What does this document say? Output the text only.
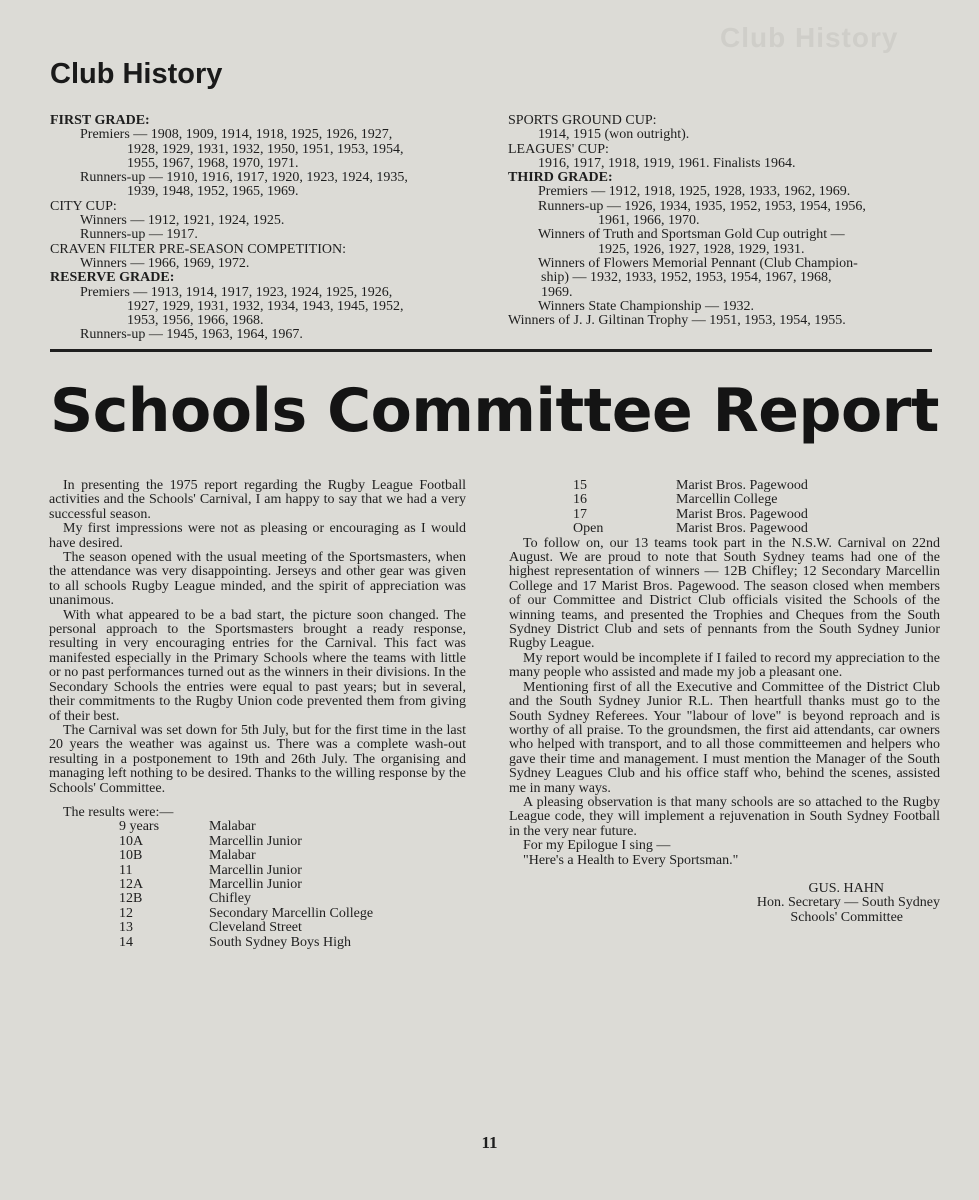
Club History
Club History
FIRST GRADE:
Premiers — 1908, 1909, 1914, 1918, 1925, 1926, 1927,
1928, 1929, 1931, 1932, 1950, 1951, 1953, 1954,
1955, 1967, 1968, 1970, 1971.
Runners-up — 1910, 1916, 1917, 1920, 1923, 1924, 1935,
1939, 1948, 1952, 1965, 1969.
CITY CUP:
Winners — 1912, 1921, 1924, 1925.
Runners-up — 1917.
CRAVEN FILTER PRE-SEASON COMPETITION:
Winners — 1966, 1969, 1972.
RESERVE GRADE:
Premiers — 1913, 1914, 1917, 1923, 1924, 1925, 1926,
1927, 1929, 1931, 1932, 1934, 1943, 1945, 1952,
1953, 1956, 1966, 1968.
Runners-up — 1945, 1963, 1964, 1967.
SPORTS GROUND CUP:
1914, 1915 (won outright).
LEAGUES' CUP:
1916, 1917, 1918, 1919, 1961. Finalists 1964.
THIRD GRADE:
Premiers — 1912, 1918, 1925, 1928, 1933, 1962, 1969.
Runners-up — 1926, 1934, 1935, 1952, 1953, 1954, 1956,
1961, 1966, 1970.
Winners of Truth and Sportsman Gold Cup outright —
1925, 1926, 1927, 1928, 1929, 1931.
Winners of Flowers Memorial Pennant (Club Champion-
ship) — 1932, 1933, 1952, 1953, 1954, 1967, 1968,
1969.
Winners State Championship — 1932.
Winners of J. J. Giltinan Trophy — 1951, 1953, 1954, 1955.
Schools Committee Report

In presenting the 1975 report regarding the Rugby League Football activities and the Schools' Carnival, I am happy to say that we had a very successful season.

My first impressions were not as pleasing or encouraging as I would have desired.

The season opened with the usual meeting of the Sportsmasters, when the attendance was very disappointing. Jerseys and other gear was given to all schools Rugby League minded, and the spirit of appreciation was unanimous.

With what appeared to be a bad start, the picture soon changed. The personal approach to the Sportsmasters brought a ready response, resulting in very encouraging entries for the Carnival. This fact was manifested especially in the Primary Schools where the teams with little or no past performances turned out as the winners in their divisions. In the Secondary Schools the entries were equal to past years; but in several, their commitments to the Rugby Union code prevented them from giving of their best.

The Carnival was set down for 5th July, but for the first time in the last 20 years the weather was against us. There was a complete wash-out resulting in a postponement to 19th and 26th July. The organising and managing left nothing to be desired. Thanks to the willing response by the Schools' Committee.

The results were:—

9 years	Malabar
10A	Marcellin Junior
10B	Malabar
11	Marcellin Junior
12A	Marcellin Junior
12B	Chifley
12	Secondary Marcellin College
13	Cleveland Street
14	South Sydney Boys High
15	Marist Bros. Pagewood
16	Marcellin College
17	Marist Bros. Pagewood
Open	Marist Bros. Pagewood

To follow on, our 13 teams took part in the N.S.W. Carnival on 22nd August. We are proud to note that South Sydney teams had one of the highest representation of winners — 12B Chifley; 12 Secondary Marcellin College and 17 Marist Bros. Pagewood. The season closed when members of our Committee and District Club officials visited the Schools of the winning teams, and presented the Trophies and Cheques from the South Sydney District Club and sets of pennants from the South Sydney Junior Rugby League.

My report would be incomplete if I failed to record my appreciation to the many people who assisted and made my job a pleasant one.

Mentioning first of all the Executive and Committee of the District Club and the South Sydney Junior R.L. Then heartfull thanks must go to the South Sydney Referees. Your "labour of love" is beyond reproach and is worthy of all praise. To the groundsmen, the first aid attendants, car owners who helped with transport, and to all those committeemen and helpers who gave their time and management. I must mention the Manager of the South Sydney Leagues Club and his office staff who, behind the scenes, assisted me in many ways.

A pleasing observation is that many schools are so attached to the Rugby League code, they will implement a rejuvenation in South Sydney Football in the very near future.

For my Epilogue I sing —

"Here's a Health to Every Sportsman."

GUS. HAHN
Hon. Secretary — South Sydney
Schools' Committee
11
